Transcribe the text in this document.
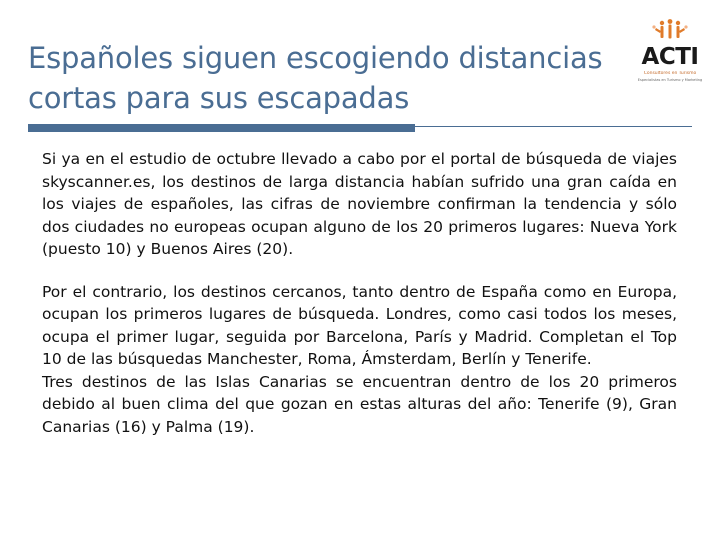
Españoles siguen escogiendo distancias
cortas para sus escapadas
ACTI
Consultores en Turismo
Especialistas en Turismo y Marketing

Si ya en el estudio de octubre llevado a cabo por el portal de búsqueda de viajes skyscanner.es, los destinos de larga distancia habían sufrido una gran caída en los viajes de españoles, las cifras de noviembre confirman la tendencia y sólo dos ciudades no europeas ocupan alguno de los 20 primeros lugares: Nueva York (puesto 10) y Buenos Aires (20).

Por el contrario, los destinos cercanos, tanto dentro de España como en Europa, ocupan los primeros lugares de búsqueda. Londres, como casi todos los meses, ocupa el primer lugar, seguida por Barcelona, París y Madrid. Completan el Top 10 de las búsquedas Manchester, Roma, Ámsterdam, Berlín y Tenerife.

Tres destinos de las Islas Canarias se encuentran dentro de los 20 primeros debido al buen clima del que gozan en estas alturas del año: Tenerife (9), Gran Canarias (16) y Palma (19).
